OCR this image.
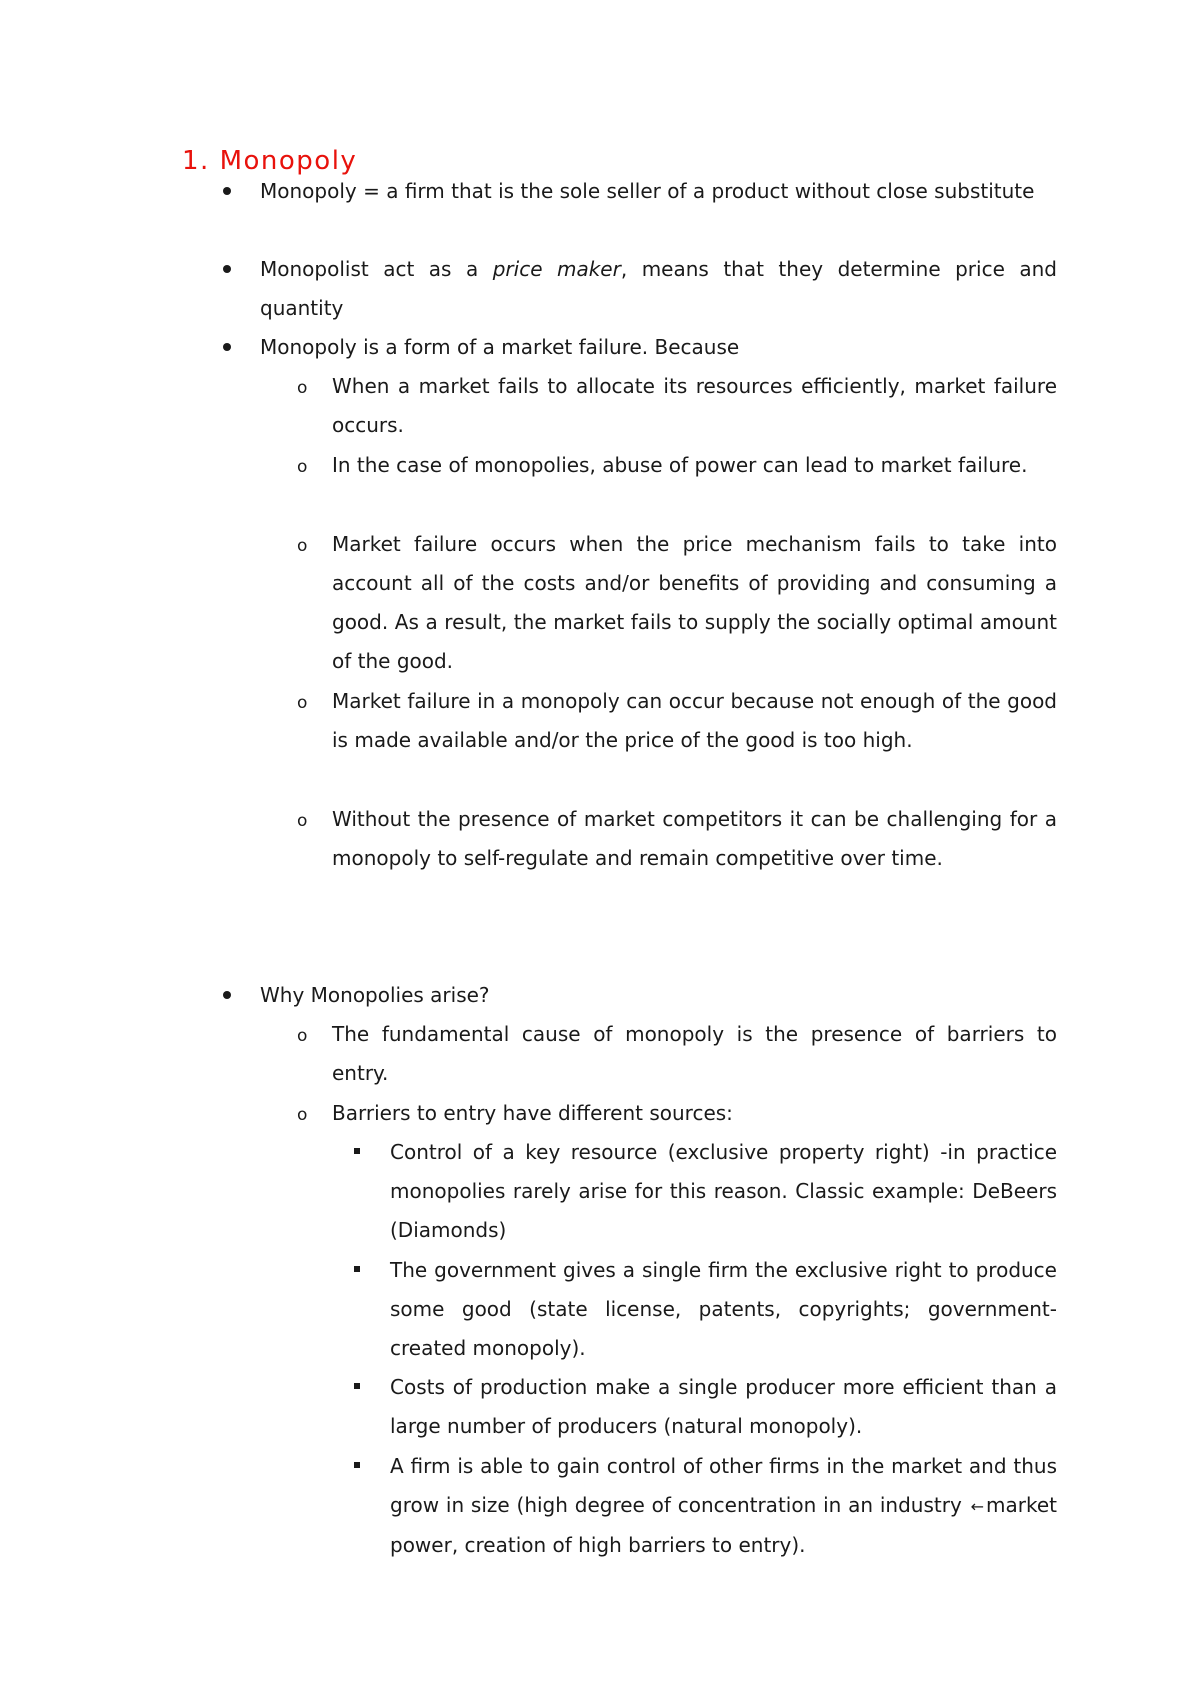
1. Monopoly

Monopoly = a firm that is the sole seller of a product without close substitute

Monopolist act as a price maker, means that they determine price and quantity

Monopoly is a form of a market failure. Because

o When a market fails to allocate its resources efficiently, market failure occurs.

o In the case of monopolies, abuse of power can lead to market failure.

o Market failure occurs when the price mechanism fails to take into account all of the costs and/or benefits of providing and consuming a good. As a result, the market fails to supply the socially optimal amount of the good.

o Market failure in a monopoly can occur because not enough of the good is made available and/or the price of the good is too high.

o Without the presence of market competitors it can be challenging for a monopoly to self-regulate and remain competitive over time.

Why Monopolies arise?

o The fundamental cause of monopoly is the presence of barriers to entry.

o Barriers to entry have different sources:

Control of a key resource (exclusive property right) -in practice monopolies rarely arise for this reason. Classic example: DeBeers (Diamonds)

The government gives a single firm the exclusive right to produce some good (state license, patents, copyrights; government-created monopoly).

Costs of production make a single producer more efficient than a large number of producers (natural monopoly).

A firm is able to gain control of other firms in the market and thus grow in size (high degree of concentration in an industry ← market power, creation of high barriers to entry).
